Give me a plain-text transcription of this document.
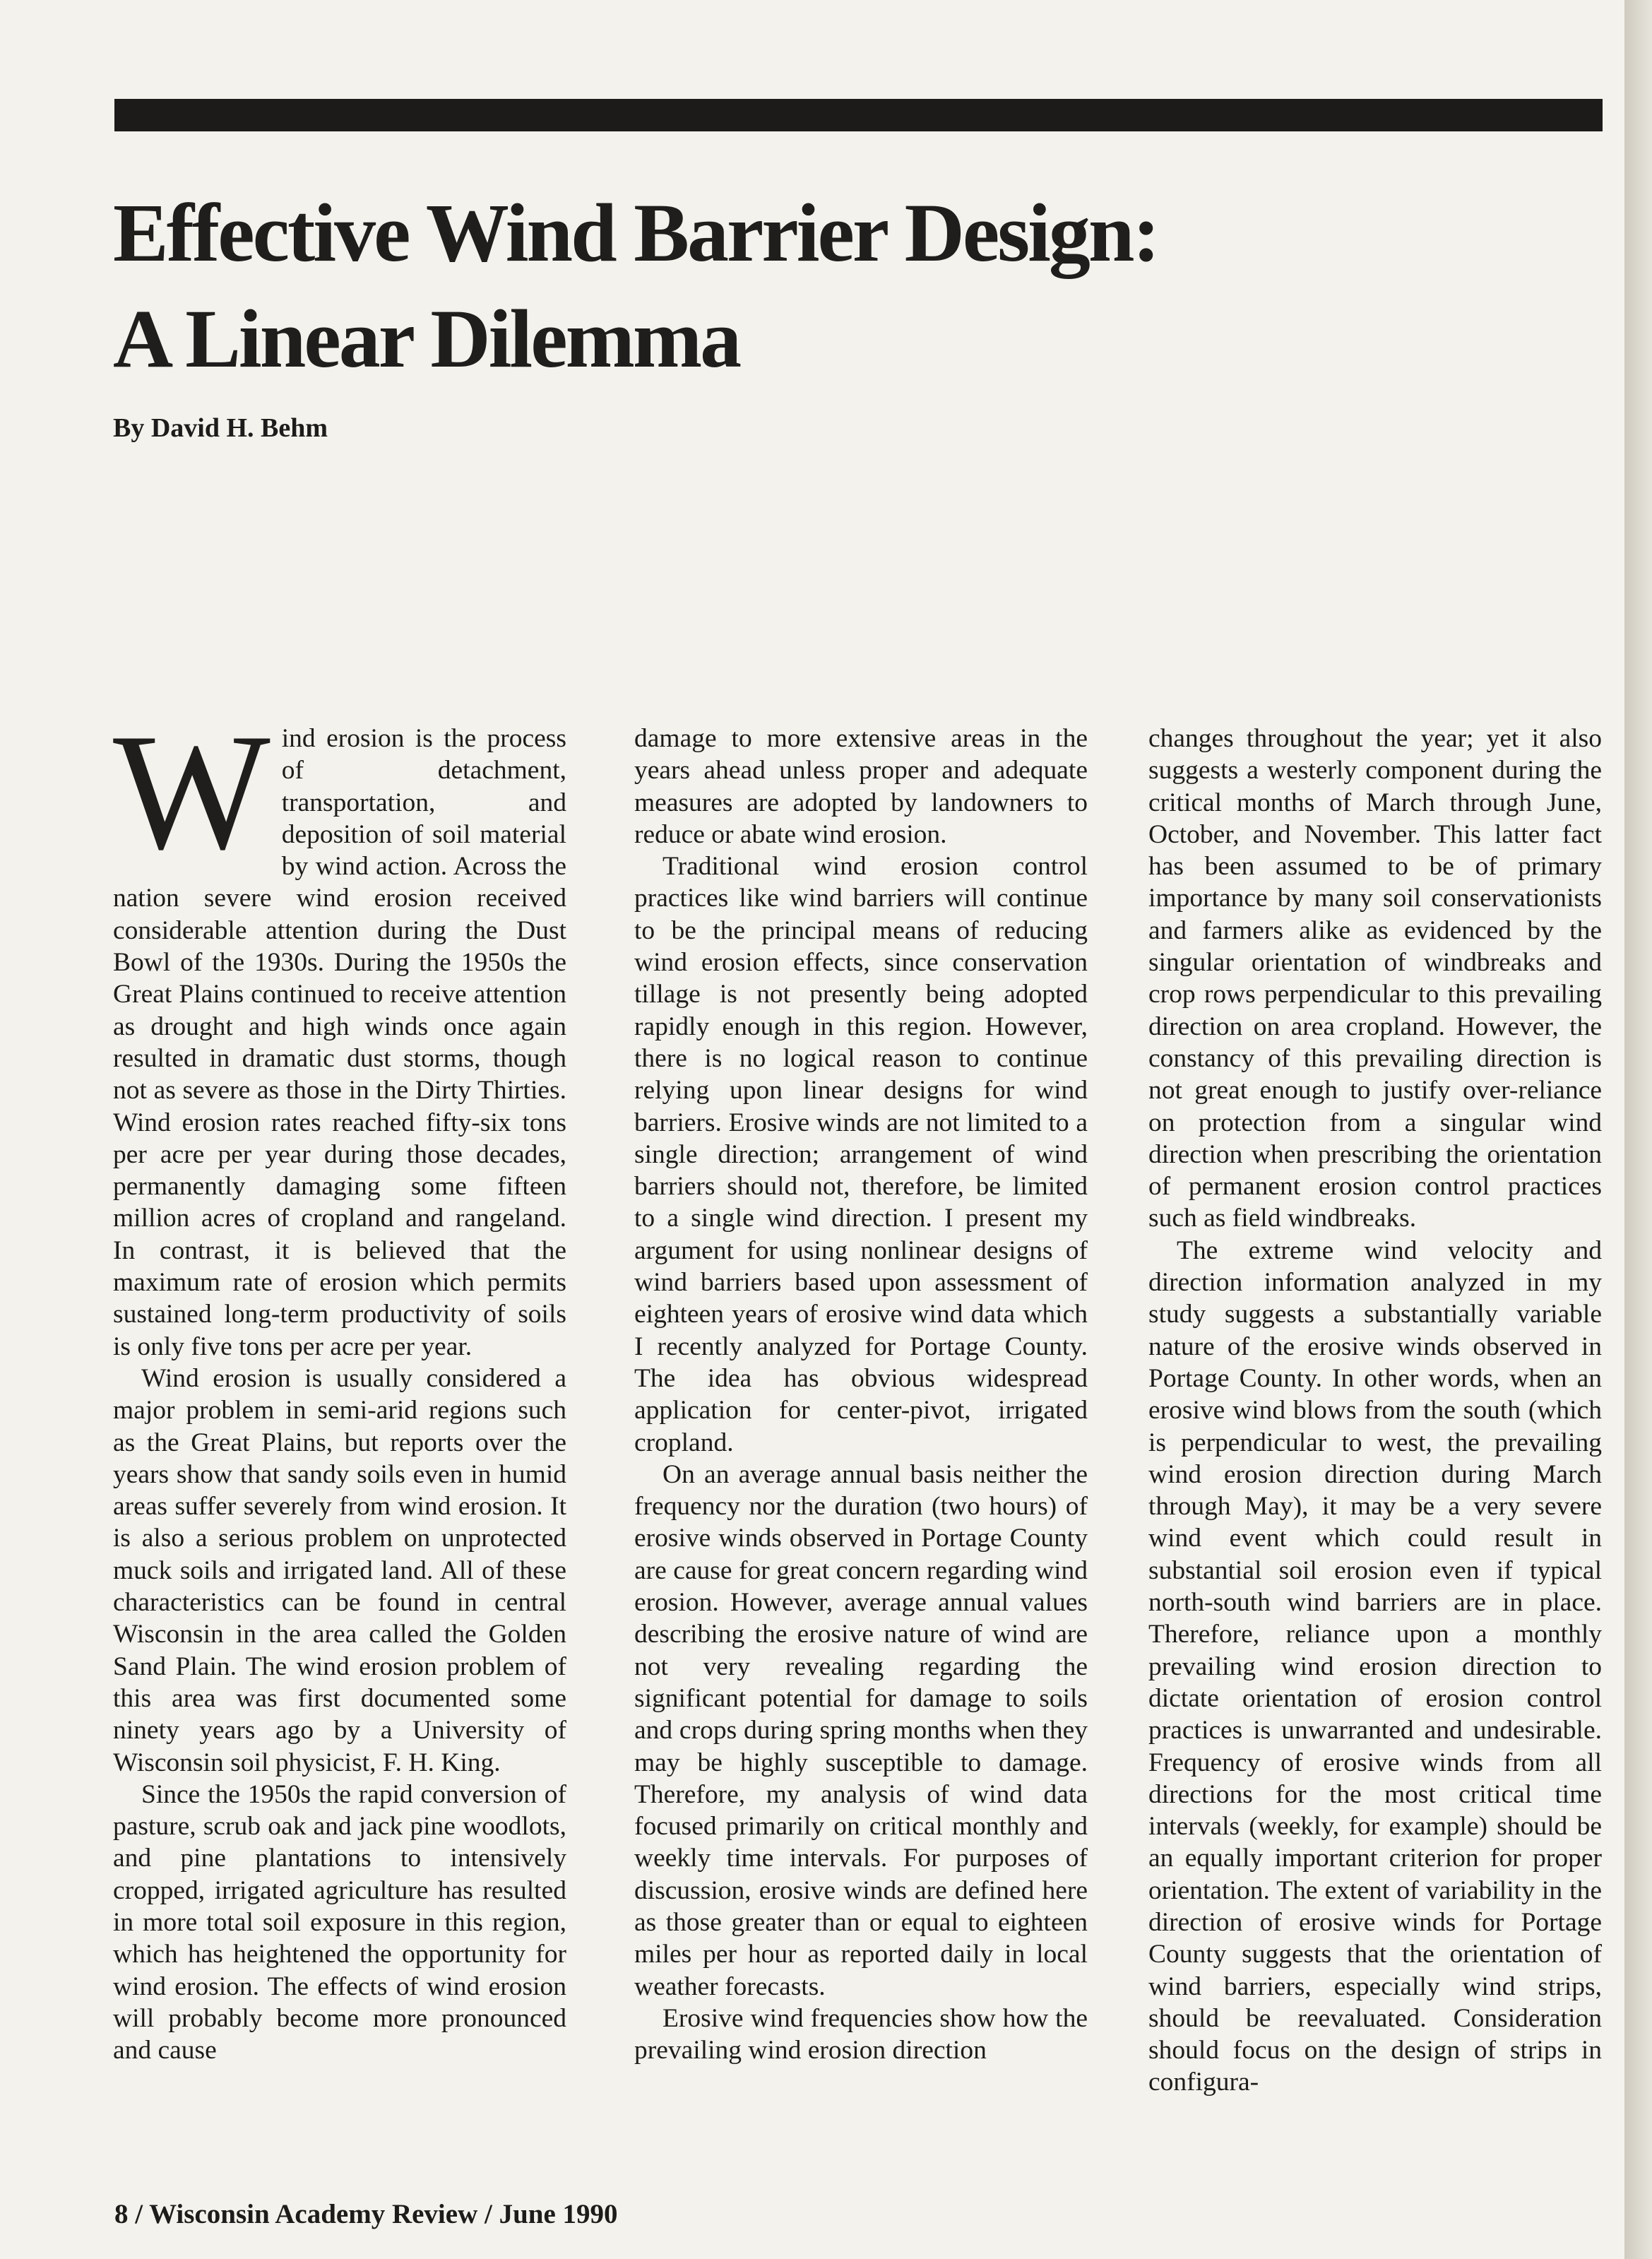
Effective Wind Barrier Design:
A Linear Dilemma
By David H. Behm

Wind erosion is the process of detachment, transportation, and deposition of soil material by wind action. Across the nation severe wind erosion received considerable attention during the Dust Bowl of the 1930s. During the 1950s the Great Plains continued to receive attention as drought and high winds once again resulted in dramatic dust storms, though not as severe as those in the Dirty Thirties. Wind erosion rates reached fifty-six tons per acre per year during those decades, permanently damaging some fifteen million acres of cropland and rangeland. In contrast, it is believed that the maximum rate of erosion which permits sustained long-term productivity of soils is only five tons per acre per year.

Wind erosion is usually considered a major problem in semi-arid regions such as the Great Plains, but reports over the years show that sandy soils even in humid areas suffer severely from wind erosion. It is also a serious problem on unprotected muck soils and irrigated land. All of these characteristics can be found in central Wisconsin in the area called the Golden Sand Plain. The wind erosion problem of this area was first documented some ninety years ago by a University of Wisconsin soil physicist, F. H. King.

Since the 1950s the rapid conversion of pasture, scrub oak and jack pine woodlots, and pine plantations to intensively cropped, irrigated agriculture has resulted in more total soil exposure in this region, which has heightened the opportunity for wind erosion. The effects of wind erosion will probably become more pronounced and cause

damage to more extensive areas in the years ahead unless proper and adequate measures are adopted by landowners to reduce or abate wind erosion.

Traditional wind erosion control practices like wind barriers will continue to be the principal means of reducing wind erosion effects, since conservation tillage is not presently being adopted rapidly enough in this region. However, there is no logical reason to continue relying upon linear designs for wind barriers. Erosive winds are not limited to a single direction; arrangement of wind barriers should not, therefore, be limited to a single wind direction. I present my argument for using nonlinear designs of wind barriers based upon assessment of eighteen years of erosive wind data which I recently analyzed for Portage County. The idea has obvious widespread application for center-pivot, irrigated cropland.

On an average annual basis neither the frequency nor the duration (two hours) of erosive winds observed in Portage County are cause for great concern regarding wind erosion. However, average annual values describing the erosive nature of wind are not very revealing regarding the significant potential for damage to soils and crops during spring months when they may be highly susceptible to damage. Therefore, my analysis of wind data focused primarily on critical monthly and weekly time intervals. For purposes of discussion, erosive winds are defined here as those greater than or equal to eighteen miles per hour as reported daily in local weather forecasts.

Erosive wind frequencies show how the prevailing wind erosion direction

changes throughout the year; yet it also suggests a westerly component during the critical months of March through June, October, and November. This latter fact has been assumed to be of primary importance by many soil conservationists and farmers alike as evidenced by the singular orientation of windbreaks and crop rows perpendicular to this prevailing direction on area cropland. However, the constancy of this prevailing direction is not great enough to justify over-reliance on protection from a singular wind direction when prescribing the orientation of permanent erosion control practices such as field windbreaks.

The extreme wind velocity and direction information analyzed in my study suggests a substantially variable nature of the erosive winds observed in Portage County. In other words, when an erosive wind blows from the south (which is perpendicular to west, the prevailing wind erosion direction during March through May), it may be a very severe wind event which could result in substantial soil erosion even if typical north-south wind barriers are in place. Therefore, reliance upon a monthly prevailing wind erosion direction to dictate orientation of erosion control practices is unwarranted and undesirable. Frequency of erosive winds from all directions for the most critical time intervals (weekly, for example) should be an equally important criterion for proper orientation. The extent of variability in the direction of erosive winds for Portage County suggests that the orientation of wind barriers, especially wind strips, should be reevaluated. Consideration should focus on the design of strips in configura-

8 / Wisconsin Academy Review / June 1990
